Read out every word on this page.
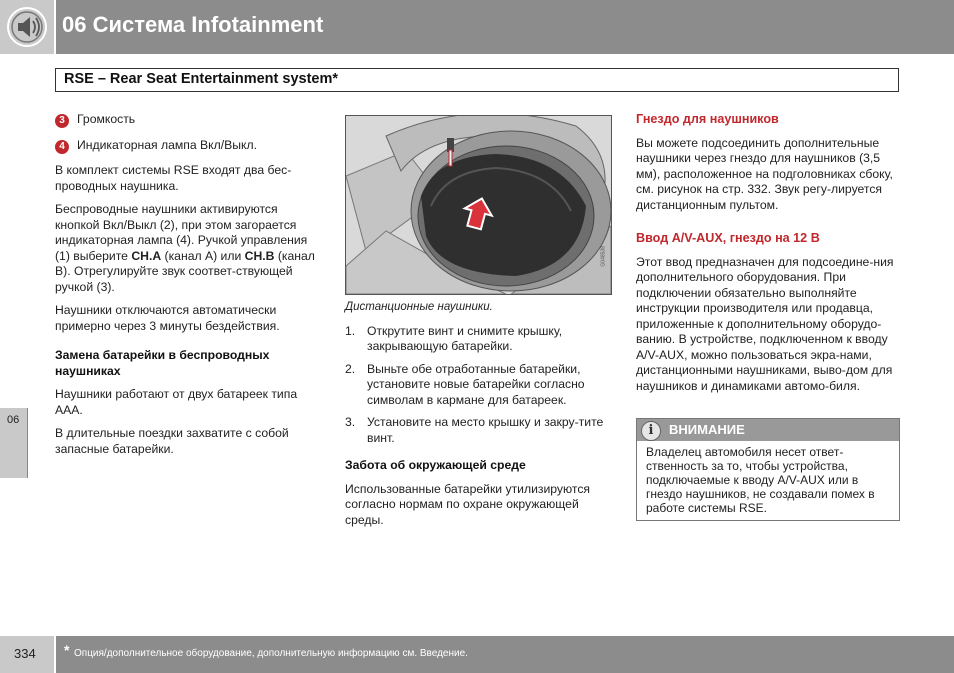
06 Система Infotainment
RSE – Rear Seat Entertainment system*
06
3	Громкость
4	Индикаторная лампа Вкл/Выкл.

В комплект системы RSE входят два бес-проводных наушника.

Беспроводные наушники активируются кнопкой Вкл/Выкл (2), при этом загорается индикаторная лампа (4). Ручкой управления (1) выберите CH.A (канал A) или CH.B (канал B). Отрегулируйте звук соответ-ствующей ручкой (3).

Наушники отключаются автоматически примерно через 3 минуты бездействия.

Замена батарейки в беспроводных наушниках

Наушники работают от двух батареек типа AAA.

В длительные поездки захватите с собой запасные батарейки.

G048538

Дистанционные наушники.

1. Открутите винт и снимите крышку, закрывающую батарейки.
2. Выньте обе отработанные батарейки, установите новые батарейки согласно символам в кармане для батареек.
3. Установите на место крышку и закру-тите винт.

Забота об окружающей среде

Использованные батарейки утилизируются согласно нормам по охране окружающей среды.

Гнездо для наушников

Вы можете подсоединить дополнительные наушники через гнездо для наушников (3,5 мм), расположенное на подголовниках сбоку, см. рисунок на стр. 332. Звук регу-лируется дистанционным пультом.

Ввод A/V-AUX, гнездо на 12 В

Этот ввод предназначен для подсоедине-ния дополнительного оборудования. При подключении обязательно выполняйте инструкции производителя или продавца, приложенные к дополнительному оборудо-ванию. В устройстве, подключенном к вводу A/V-AUX, можно пользоваться экра-нами, дистанционными наушниками, выво-дом для наушников и динамиками автомо-биля.

i	ВНИМАНИЕ
Владелец автомобиля несет ответ-ственность за то, чтобы устройства, подключаемые к вводу A/V-AUX или в гнездо наушников, не создавали помех в работе системы RSE.
334 * Опция/дополнительное оборудование, дополнительную информацию см. Введение.
